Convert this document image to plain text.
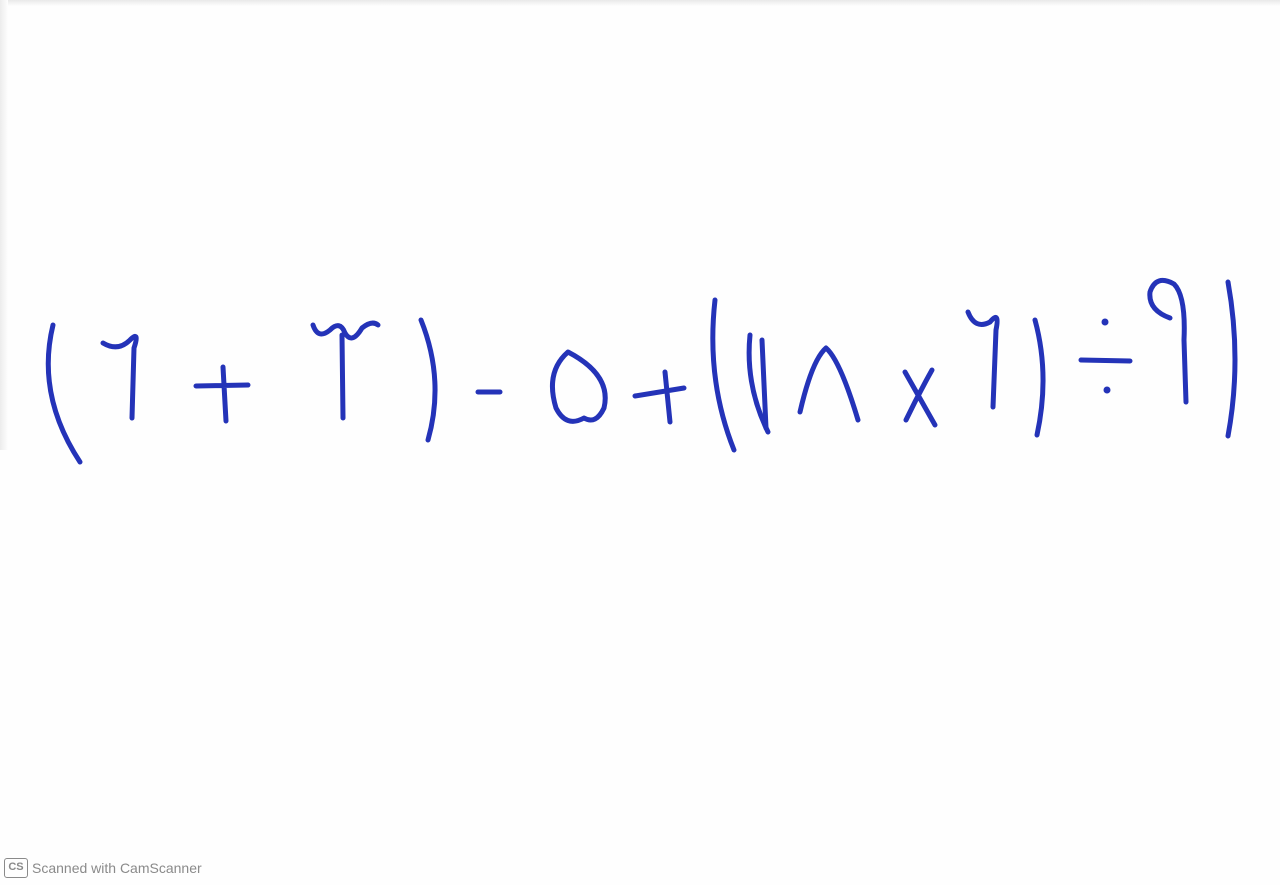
CS Scanned with CamScanner
